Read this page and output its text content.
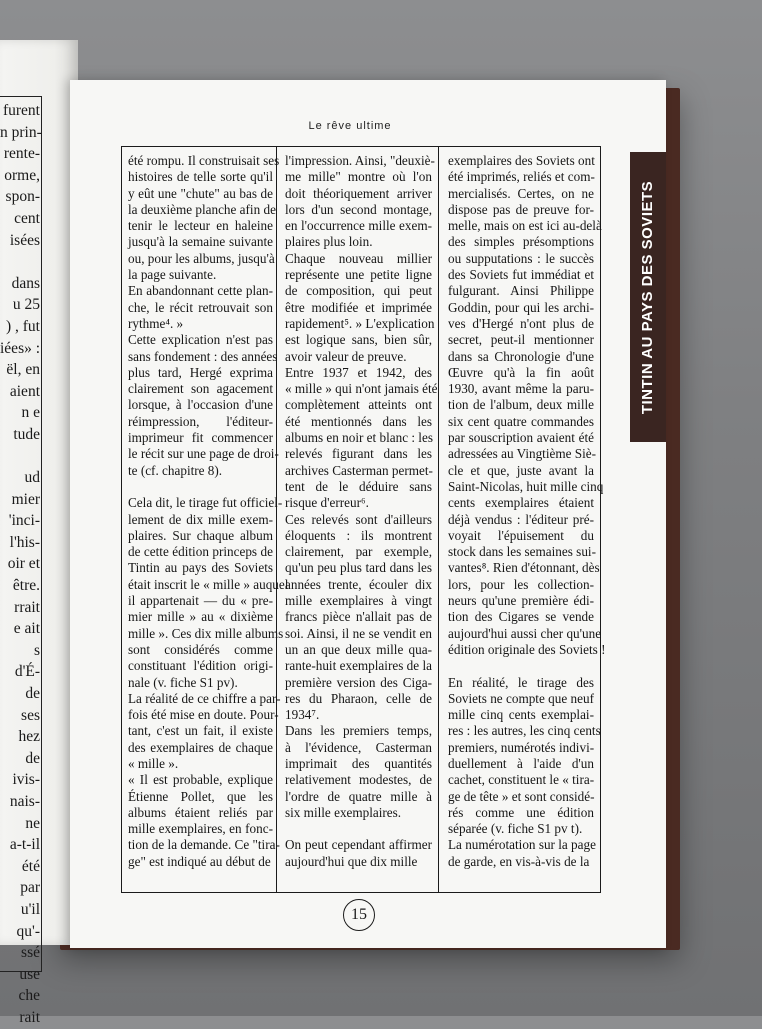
furent
n prin-
rente-
orme,
spon-
cent
isées
dans
u 25
) , fut
iées» :
ël, en
aient
n e
tude
ud
mier
'inci-
l'his-
oir et
être.
rrait
e ait
s
d'É-
de
ses
hez
de
ivis-
nais-
ne
a-t-il
été
par
u'il
qu'-
ssé
use
che
rait
Le rêve ultime
été rompu. Il construisait ses
histoires de telle sorte qu'il
y eût une "chute" au bas de
la deuxième planche afin de
tenir le lecteur en haleine
jusqu'à la semaine suivante
ou, pour les albums, jusqu'à
la page suivante.
En abandonnant cette plan-
che, le récit retrouvait son
rythme⁴. »
Cette explication n'est pas
sans fondement : des années
plus tard, Hergé exprima
clairement son agacement
lorsque, à l'occasion d'une
réimpression, l'éditeur-
imprimeur fit commencer
le récit sur une page de droi-
te (cf. chapitre 8).
Cela dit, le tirage fut officiel-
lement de dix mille exem-
plaires. Sur chaque album
de cette édition princeps de
Tintin au pays des Soviets
était inscrit le « mille » auquel
il appartenait — du « pre-
mier mille » au « dixième
mille ». Ces dix mille albums
sont considérés comme
constituant l'édition origi-
nale (v. fiche S1 pv).
La réalité de ce chiffre a par-
fois été mise en doute. Pour-
tant, c'est un fait, il existe
des exemplaires de chaque
« mille ».
« Il est probable, explique
Étienne Pollet, que les
albums étaient reliés par
mille exemplaires, en fonc-
tion de la demande. Ce "tira-
ge" est indiqué au début de
l'impression. Ainsi, "deuxiè-
me mille" montre où l'on
doit théoriquement arriver
lors d'un second montage,
en l'occurrence mille exem-
plaires plus loin.
Chaque nouveau millier
représente une petite ligne
de composition, qui peut
être modifiée et imprimée
rapidement⁵. » L'explication
est logique sans, bien sûr,
avoir valeur de preuve.
Entre 1937 et 1942, des
« mille » qui n'ont jamais été
complètement atteints ont
été mentionnés dans les
albums en noir et blanc : les
relevés figurant dans les
archives Casterman permet-
tent de le déduire sans
risque d'erreur⁶.
Ces relevés sont d'ailleurs
éloquents : ils montrent
clairement, par exemple,
qu'un peu plus tard dans les
années trente, écouler dix
mille exemplaires à vingt
francs pièce n'allait pas de
soi. Ainsi, il ne se vendit en
un an que deux mille qua-
rante-huit exemplaires de la
première version des Ciga-
res du Pharaon, celle de
1934⁷.
Dans les premiers temps,
à l'évidence, Casterman
imprimait des quantités
relativement modestes, de
l'ordre de quatre mille à
six mille exemplaires.
On peut cependant affirmer
aujourd'hui que dix mille
exemplaires des Soviets ont
été imprimés, reliés et com-
mercialisés. Certes, on ne
dispose pas de preuve for-
melle, mais on est ici au-delà
des simples présomptions
ou supputations : le succès
des Soviets fut immédiat et
fulgurant. Ainsi Philippe
Goddin, pour qui les archi-
ves d'Hergé n'ont plus de
secret, peut-il mentionner
dans sa Chronologie d'une
Œuvre qu'à la fin août
1930, avant même la paru-
tion de l'album, deux mille
six cent quatre commandes
par souscription avaient été
adressées au Vingtième Siè-
cle et que, juste avant la
Saint-Nicolas, huit mille cinq
cents exemplaires étaient
déjà vendus : l'éditeur pré-
voyait l'épuisement du
stock dans les semaines sui-
vantes⁸. Rien d'étonnant, dès
lors, pour les collection-
neurs qu'une première édi-
tion des Cigares se vende
aujourd'hui aussi cher qu'une
édition originale des Soviets !
En réalité, le tirage des
Soviets ne compte que neuf
mille cinq cents exemplai-
res : les autres, les cinq cents
premiers, numérotés indivi-
duellement à l'aide d'un
cachet, constituent le « tira-
ge de tête » et sont considé-
rés comme une édition
séparée (v. fiche S1 pv t).
La numérotation sur la page
de garde, en vis-à-vis de la
15
TINTIN AU PAYS DES SOVIETS
